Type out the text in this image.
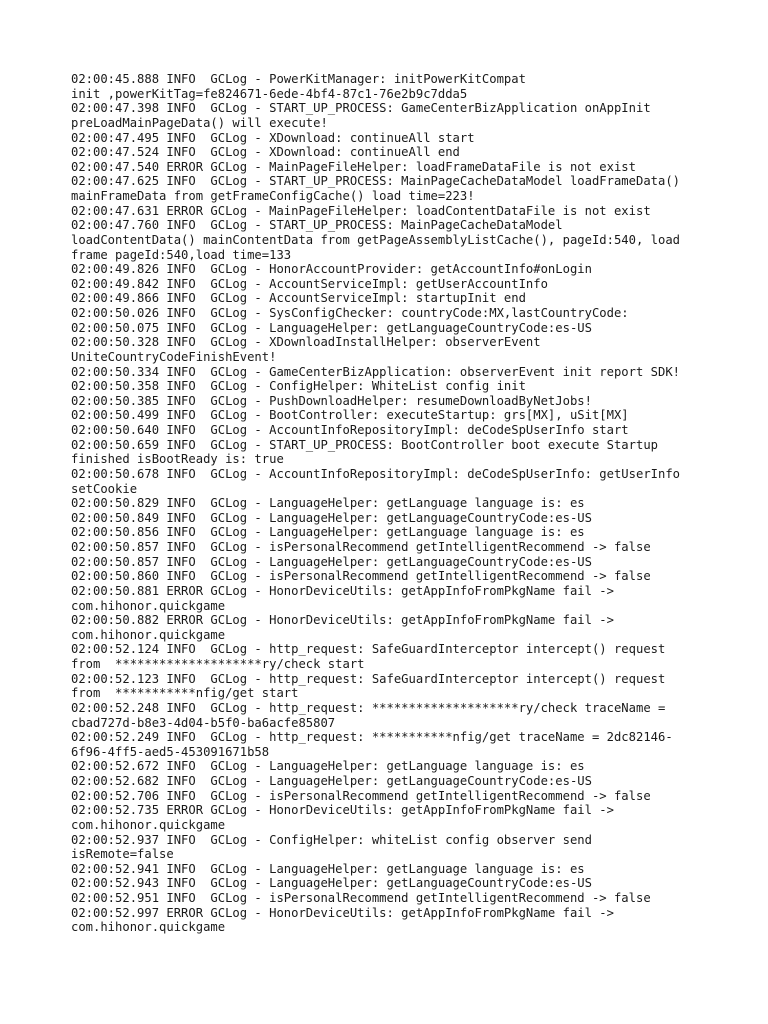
02:00:45.888 INFO  GCLog - PowerKitManager: initPowerKitCompat
init ,powerKitTag=fe824671-6ede-4bf4-87c1-76e2b9c7dda5
02:00:47.398 INFO  GCLog - START_UP_PROCESS: GameCenterBizApplication onAppInit
preLoadMainPageData() will execute!
02:00:47.495 INFO  GCLog - XDownload: continueAll start
02:00:47.524 INFO  GCLog - XDownload: continueAll end
02:00:47.540 ERROR GCLog - MainPageFileHelper: loadFrameDataFile is not exist
02:00:47.625 INFO  GCLog - START_UP_PROCESS: MainPageCacheDataModel loadFrameData()
mainFrameData from getFrameConfigCache() load time=223!
02:00:47.631 ERROR GCLog - MainPageFileHelper: loadContentDataFile is not exist
02:00:47.760 INFO  GCLog - START_UP_PROCESS: MainPageCacheDataModel
loadContentData() mainContentData from getPageAssemblyListCache(), pageId:540, load
frame pageId:540,load time=133
02:00:49.826 INFO  GCLog - HonorAccountProvider: getAccountInfo#onLogin
02:00:49.842 INFO  GCLog - AccountServiceImpl: getUserAccountInfo
02:00:49.866 INFO  GCLog - AccountServiceImpl: startupInit end
02:00:50.026 INFO  GCLog - SysConfigChecker: countryCode:MX,lastCountryCode:
02:00:50.075 INFO  GCLog - LanguageHelper: getLanguageCountryCode:es-US
02:00:50.328 INFO  GCLog - XDownloadInstallHelper: observerEvent
UniteCountryCodeFinishEvent!
02:00:50.334 INFO  GCLog - GameCenterBizApplication: observerEvent init report SDK!
02:00:50.358 INFO  GCLog - ConfigHelper: WhiteList config init
02:00:50.385 INFO  GCLog - PushDownloadHelper: resumeDownloadByNetJobs!
02:00:50.499 INFO  GCLog - BootController: executeStartup: grs[MX], uSit[MX]
02:00:50.640 INFO  GCLog - AccountInfoRepositoryImpl: deCodeSpUserInfo start
02:00:50.659 INFO  GCLog - START_UP_PROCESS: BootController boot execute Startup
finished isBootReady is: true
02:00:50.678 INFO  GCLog - AccountInfoRepositoryImpl: deCodeSpUserInfo: getUserInfo
setCookie
02:00:50.829 INFO  GCLog - LanguageHelper: getLanguage language is: es
02:00:50.849 INFO  GCLog - LanguageHelper: getLanguageCountryCode:es-US
02:00:50.856 INFO  GCLog - LanguageHelper: getLanguage language is: es
02:00:50.857 INFO  GCLog - isPersonalRecommend getIntelligentRecommend -> false
02:00:50.857 INFO  GCLog - LanguageHelper: getLanguageCountryCode:es-US
02:00:50.860 INFO  GCLog - isPersonalRecommend getIntelligentRecommend -> false
02:00:50.881 ERROR GCLog - HonorDeviceUtils: getAppInfoFromPkgName fail ->
com.hihonor.quickgame
02:00:50.882 ERROR GCLog - HonorDeviceUtils: getAppInfoFromPkgName fail ->
com.hihonor.quickgame
02:00:52.124 INFO  GCLog - http_request: SafeGuardInterceptor intercept() request
from  ********************ry/check start
02:00:52.123 INFO  GCLog - http_request: SafeGuardInterceptor intercept() request
from  ***********nfig/get start
02:00:52.248 INFO  GCLog - http_request: ********************ry/check traceName =
cbad727d-b8e3-4d04-b5f0-ba6acfe85807
02:00:52.249 INFO  GCLog - http_request: ***********nfig/get traceName = 2dc82146-
6f96-4ff5-aed5-453091671b58
02:00:52.672 INFO  GCLog - LanguageHelper: getLanguage language is: es
02:00:52.682 INFO  GCLog - LanguageHelper: getLanguageCountryCode:es-US
02:00:52.706 INFO  GCLog - isPersonalRecommend getIntelligentRecommend -> false
02:00:52.735 ERROR GCLog - HonorDeviceUtils: getAppInfoFromPkgName fail ->
com.hihonor.quickgame
02:00:52.937 INFO  GCLog - ConfigHelper: whiteList config observer send
isRemote=false
02:00:52.941 INFO  GCLog - LanguageHelper: getLanguage language is: es
02:00:52.943 INFO  GCLog - LanguageHelper: getLanguageCountryCode:es-US
02:00:52.951 INFO  GCLog - isPersonalRecommend getIntelligentRecommend -> false
02:00:52.997 ERROR GCLog - HonorDeviceUtils: getAppInfoFromPkgName fail ->
com.hihonor.quickgame
